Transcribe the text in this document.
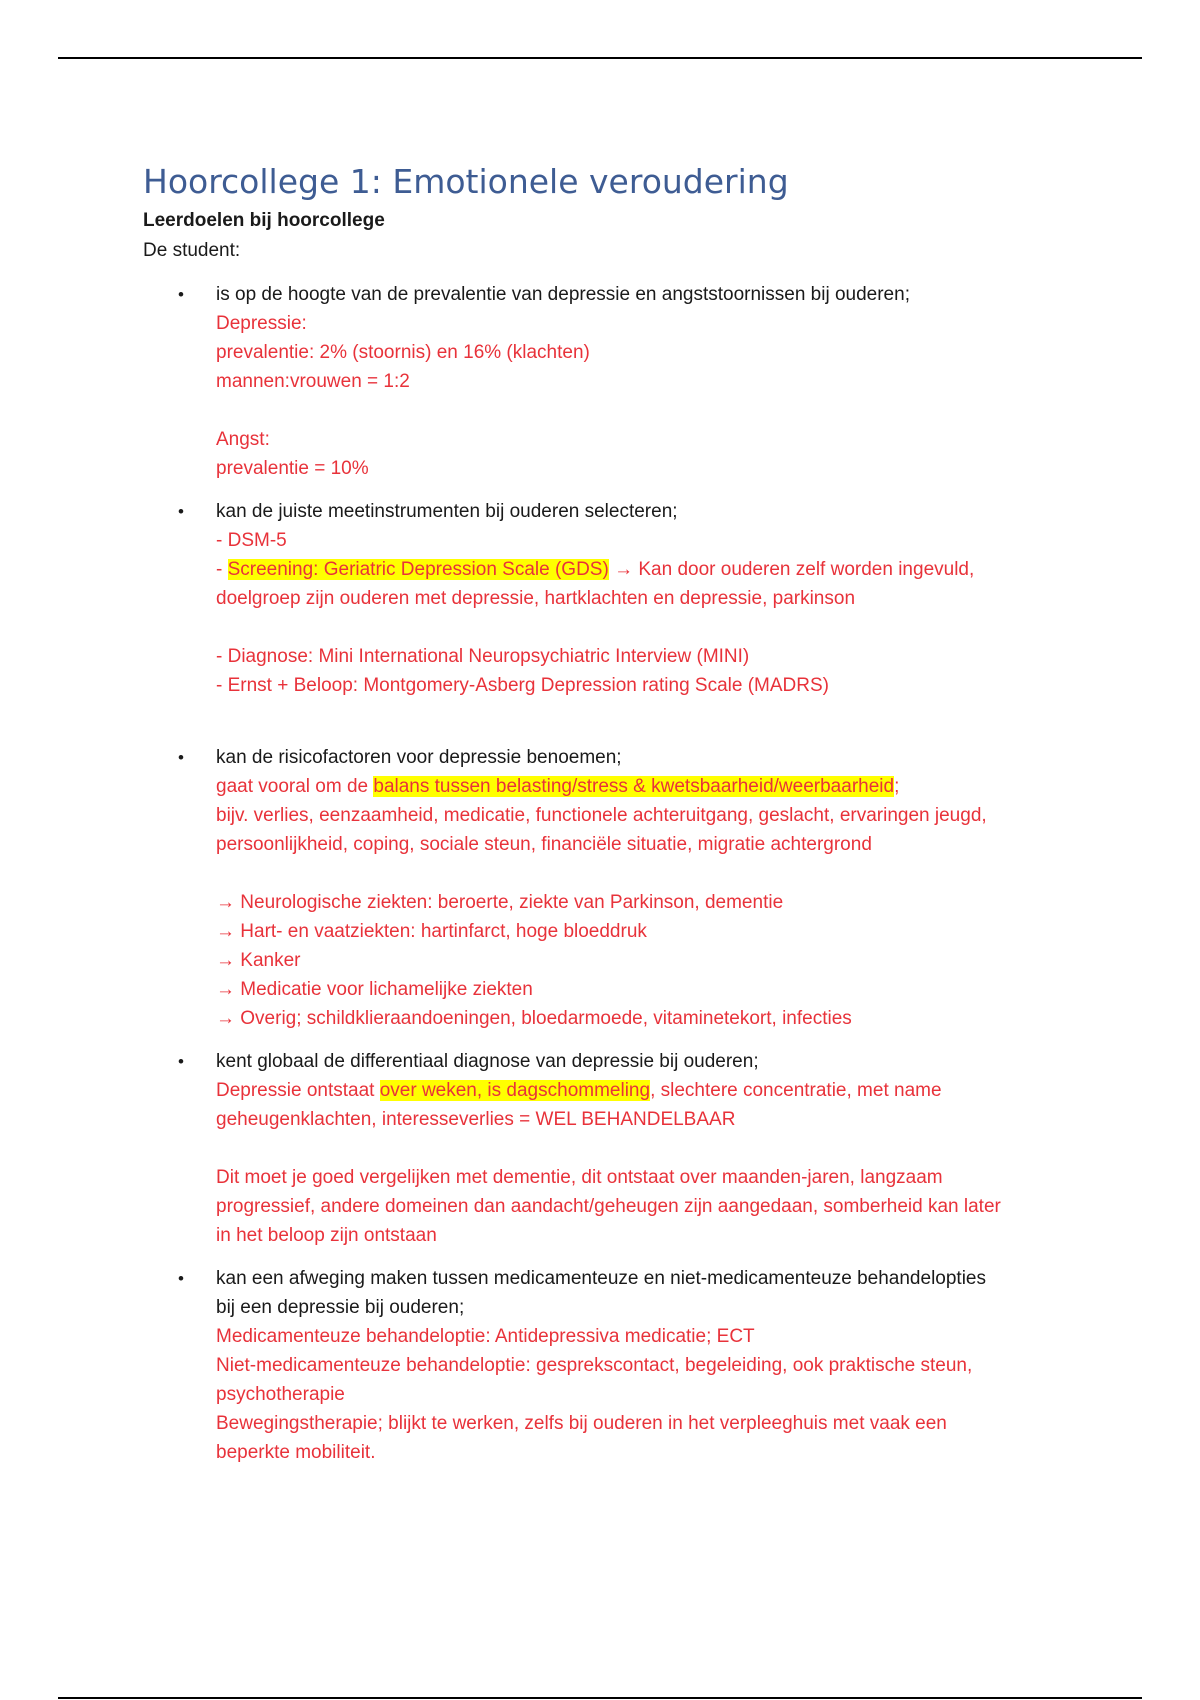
Hoorcollege 1: Emotionele veroudering
Leerdoelen bij hoorcollege
De student:
• is op de hoogte van de prevalentie van depressie en angststoornissen bij ouderen;
Depressie:
prevalentie: 2% (stoornis) en 16% (klachten)
mannen:vrouwen = 1:2
Angst:
prevalentie = 10%
• kan de juiste meetinstrumenten bij ouderen selecteren;
- DSM-5
- Screening: Geriatric Depression Scale (GDS) → Kan door ouderen zelf worden ingevuld,
doelgroep zijn ouderen met depressie, hartklachten en depressie, parkinson
- Diagnose: Mini International Neuropsychiatric Interview (MINI)
- Ernst + Beloop: Montgomery-Asberg Depression rating Scale (MADRS)
• kan de risicofactoren voor depressie benoemen;
gaat vooral om de balans tussen belasting/stress & kwetsbaarheid/weerbaarheid;
bijv. verlies, eenzaamheid, medicatie, functionele achteruitgang, geslacht, ervaringen jeugd,
persoonlijkheid, coping, sociale steun, financiële situatie, migratie achtergrond
→ Neurologische ziekten: beroerte, ziekte van Parkinson, dementie
→ Hart- en vaatziekten: hartinfarct, hoge bloeddruk
→ Kanker
→ Medicatie voor lichamelijke ziekten
→ Overig; schildklieraandoeningen, bloedarmoede, vitaminetekort, infecties
• kent globaal de differentiaal diagnose van depressie bij ouderen;
Depressie ontstaat over weken, is dagschommeling, slechtere concentratie, met name
geheugenklachten, interesseverlies = WEL BEHANDELBAAR
Dit moet je goed vergelijken met dementie, dit ontstaat over maanden-jaren, langzaam
progressief, andere domeinen dan aandacht/geheugen zijn aangedaan, somberheid kan later
in het beloop zijn ontstaan
• kan een afweging maken tussen medicamenteuze en niet-medicamenteuze behandelopties
bij een depressie bij ouderen;
Medicamenteuze behandeloptie: Antidepressiva medicatie; ECT
Niet-medicamenteuze behandeloptie: gesprekscontact, begeleiding, ook praktische steun,
psychotherapie
Bewegingstherapie; blijkt te werken, zelfs bij ouderen in het verpleeghuis met vaak een
beperkte mobiliteit.
